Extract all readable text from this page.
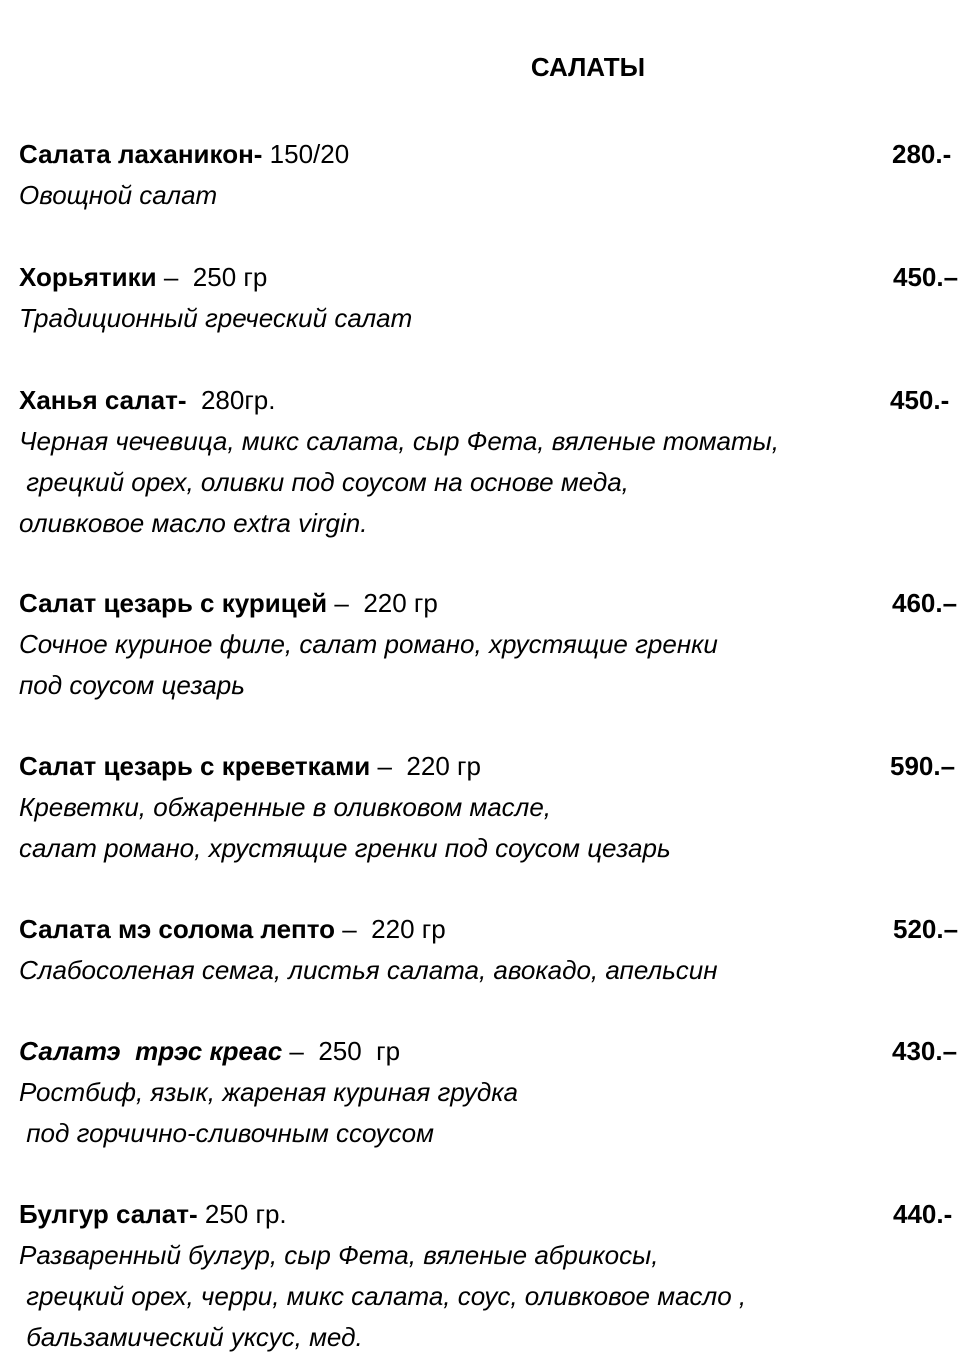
САЛАТЫ
Салата лаханикон- 150/20	280.-
Овощной салат
Хорьятики –  250 гр	450.–
Традиционный греческий салат
Ханья салат-  280гр.	450.-
Черная чечевица, микс салата, сыр Фета, вяленые томаты,
грецкий орех, оливки под соусом на основе меда,
оливковое масло extra virgin.
Салат цезарь с курицей –  220 гр	460.–
Сочное куриное филе, салат романо, хрустящие гренки
под соусом цезарь
Салат цезарь с креветками –  220 гр	590.–
Креветки, обжаренные в оливковом масле,
салат романо, хрустящие гренки под соусом цезарь
Салата мэ солома лепто –  220 гр	520.–
Слабосоленая семга, листья салата, авокадо, апельсин
Салатэ  трэс креас –  250  гр	430.–
Ростбиф, язык, жареная куриная грудка
под горчично-сливочным ссоусом
Булгур салат- 250 гр.	440.-
Разваренный булгур, сыр Фета, вяленые абрикосы,
грецкий орех, черри, микс салата, соус, оливковое масло ,
бальзамический уксус, мед.
